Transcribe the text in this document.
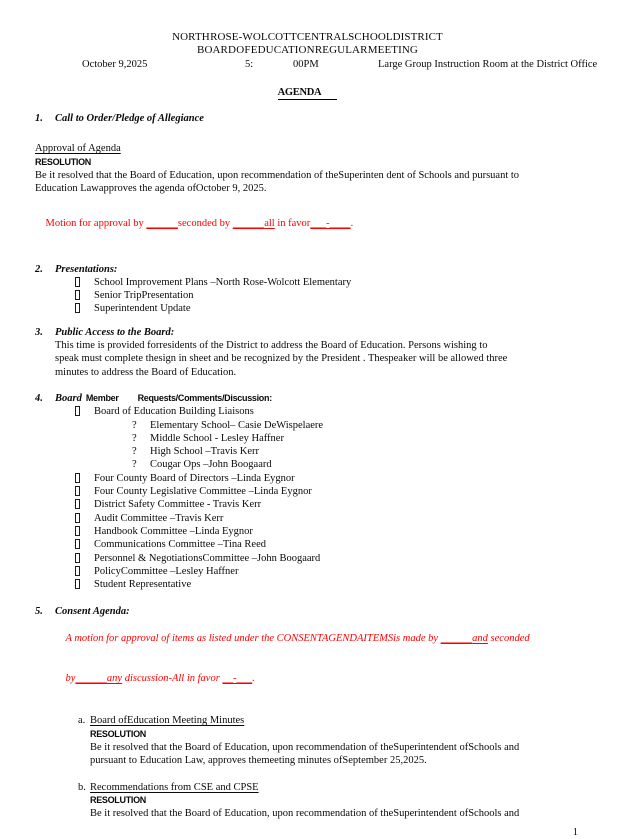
NORTH ROSE-WOLCOTT CENTRAL SCHOOL DISTRICT
BOARD OF EDUCATION REGULAR MEETING
October 9,2025	5:	00PM	Large Group Instruction Room at the District Office
AGENDA
1.	Call to Order/Pledge of Allegiance
Approval of Agenda
RESOLUTION
Be it resolved that the Board of Education, upon recommendation of theSuperinten dent of Schools and pursuant to
Education Lawapproves the agenda ofOctober 9, 2025.

Motion for approval by ______seconded by ______all in favor___-____.

2.	Presentations:
School Improvement Plans –North Rose-Wolcott Elementary
Senior TripPresentation
Superintendent Update
3.	Public Access to the Board:
This time is provided forresidents of the District to address the Board of Education. Persons wishing to
speak must complete thesign in sheet and be recognized by the President . Thespeaker will be allowed three
minutes to address the Board of Education.
4.	Board Member Requests/Comments/Discussion:
Board of Education Building Liaisons
? Elementary School– Casie DeWispelaere
? Middle School - Lesley Haffner
? High School –Travis Kerr
? Cougar Ops –John Boogaard
Four County Board of Directors –Linda Eygnor
Four County Legislative Committee –Linda Eygnor
District Safety Committee - Travis Kerr
Audit Committee –Travis Kerr
Handbook Committee –Linda Eygnor
Communications Committee –Tina Reed
Personnel & NegotiationsCommittee –John Boogaard
PolicyCommittee –Lesley Haffner
Student Representative
5.	Consent Agenda:

A motion for approval of items as listed under the CONSENTAGENDAITEMSis made by ______and seconded

by______any discussion-All in favor __-___.

a. Board ofEducation Meeting Minutes
RESOLUTION
Be it resolved that the Board of Education, upon recommendation of theSuperintendent ofSchools and
pursuant to Education Law, approves themeeting minutes ofSeptember 25,2025.
b. Recommendations from CSE and CPSE
RESOLUTION
Be it resolved that the Board of Education, upon recommendation of theSuperintendent ofSchools and
1
